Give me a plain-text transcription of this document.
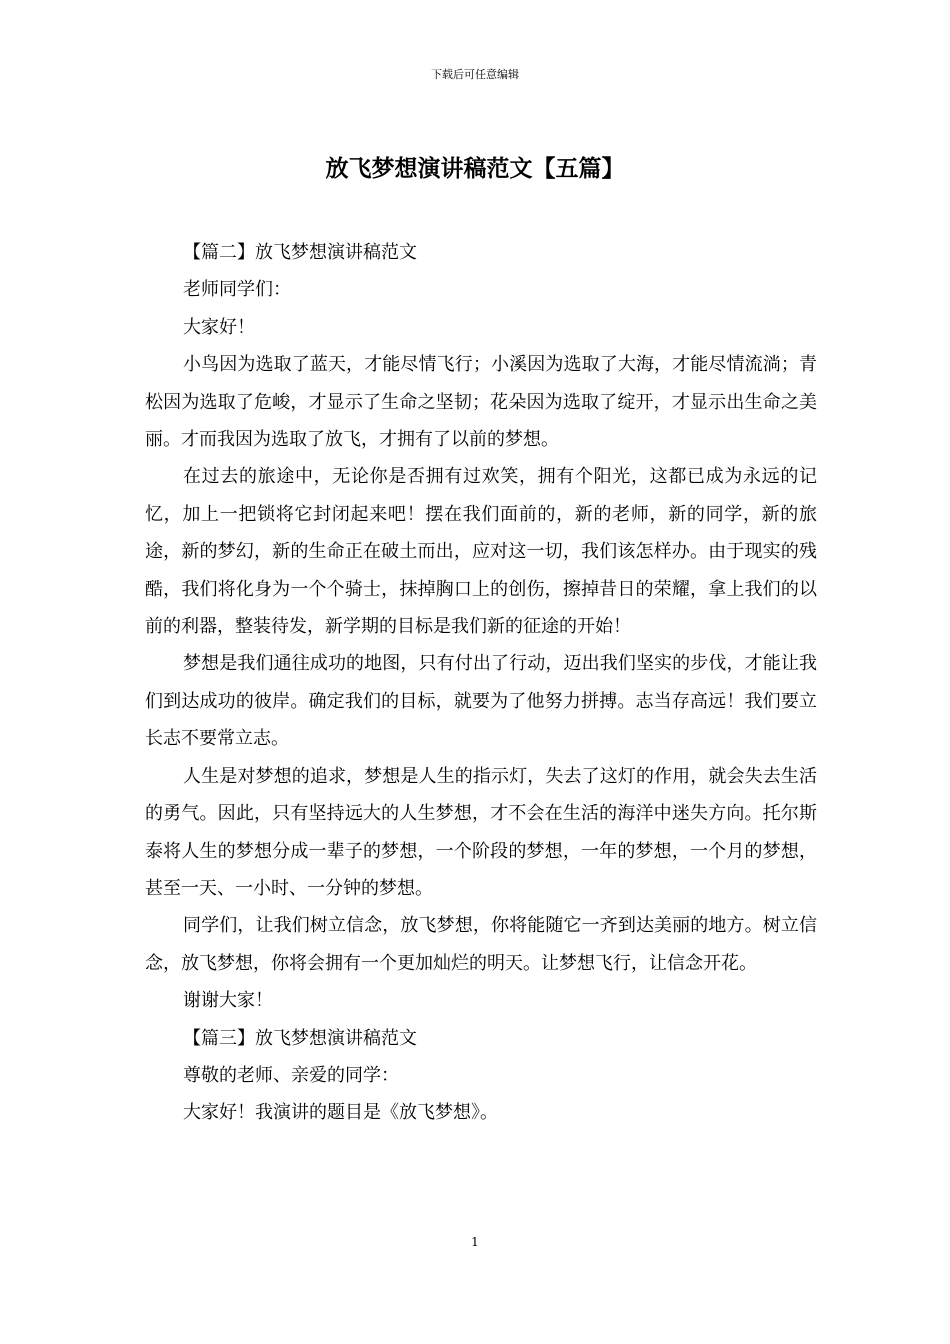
下载后可任意编辑
放飞梦想演讲稿范文【五篇】

【篇二】放飞梦想演讲稿范文

老师同学们：

大家好！

小鸟因为选取了蓝天，才能尽情飞行；小溪因为选取了大海，才能尽情流淌；青松因为选取了危峻，才显示了生命之坚韧；花朵因为选取了绽开，才显示出生命之美丽。才而我因为选取了放飞，才拥有了以前的梦想。

在过去的旅途中，无论你是否拥有过欢笑，拥有个阳光，这都已成为永远的记忆，加上一把锁将它封闭起来吧！摆在我们面前的，新的老师，新的同学，新的旅途，新的梦幻，新的生命正在破土而出，应对这一切，我们该怎样办。由于现实的残酷，我们将化身为一个个骑士，抹掉胸口上的创伤，擦掉昔日的荣耀，拿上我们的以前的利器，整装待发，新学期的目标是我们新的征途的开始！

梦想是我们通往成功的地图，只有付出了行动，迈出我们坚实的步伐，才能让我们到达成功的彼岸。确定我们的目标，就要为了他努力拼搏。志当存高远！我们要立长志不要常立志。

人生是对梦想的追求，梦想是人生的指示灯，失去了这灯的作用，就会失去生活的勇气。因此，只有坚持远大的人生梦想，才不会在生活的海洋中迷失方向。托尔斯泰将人生的梦想分成一辈子的梦想，一个阶段的梦想，一年的梦想，一个月的梦想，甚至一天、一小时、一分钟的梦想。

同学们，让我们树立信念，放飞梦想，你将能随它一齐到达美丽的地方。树立信念，放飞梦想，你将会拥有一个更加灿烂的明天。让梦想飞行，让信念开花。

谢谢大家！

【篇三】放飞梦想演讲稿范文

尊敬的老师、亲爱的同学：

大家好！我演讲的题目是《放飞梦想》。

1
